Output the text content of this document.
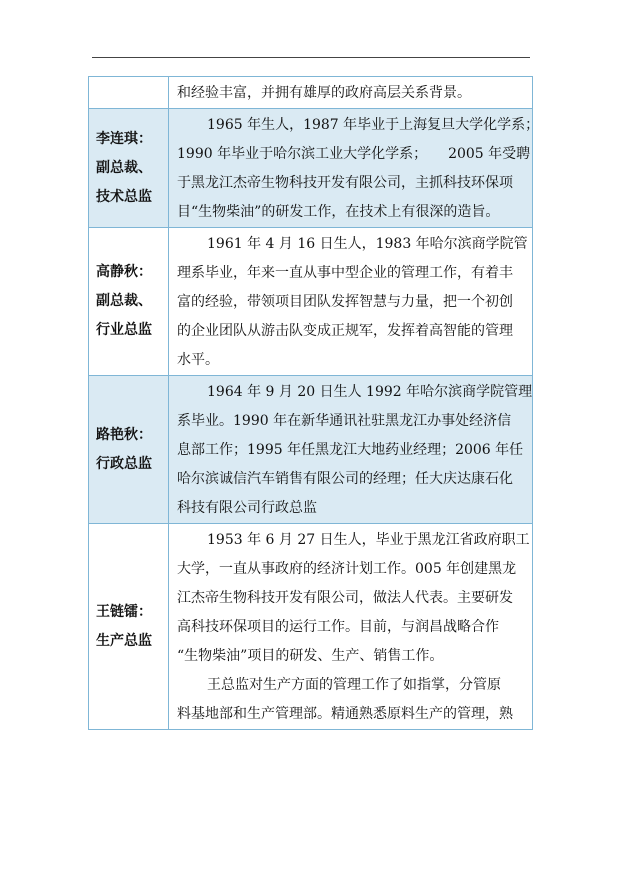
和经验丰富，并拥有雄厚的政府高层关系背景。
李连琪：
副总裁、
技术总监
1965 年生人，1987 年毕业于上海复旦大学化学系；
1990 年毕业于哈尔滨工业大学化学系；　　2005 年受聘
于黑龙江杰帝生物科技开发有限公司，主抓科技环保项
目“生物柴油”的研发工作，在技术上有很深的造旨。
高静秋：
副总裁、
行业总监
1961 年 4 月 16 日生人，1983 年哈尔滨商学院管
理系毕业，年来一直从事中型企业的管理工作，有着丰
富的经验，带领项目团队发挥智慧与力量，把一个初创
的企业团队从游击队变成正规军，发挥着高智能的管理
水平。
路艳秋：
行政总监
1964 年 9 月 20 日生人 1992 年哈尔滨商学院管理
系毕业。1990 年在新华通讯社驻黑龙江办事处经济信
息部工作；1995 年任黑龙江大地药业经理；2006 年任
哈尔滨诚信汽车销售有限公司的经理；任大庆达康石化
科技有限公司行政总监
王链镭：
生产总监
1953 年 6 月 27 日生人，毕业于黑龙江省政府职工
大学，一直从事政府的经济计划工作。005 年创建黑龙
江杰帝生物科技开发有限公司，做法人代表。主要研发
高科技环保项目的运行工作。目前，与润昌战略合作
“生物柴油”项目的研发、生产、销售工作。
王总监对生产方面的管理工作了如指掌，分管原
料基地部和生产管理部。精通熟悉原料生产的管理，熟
